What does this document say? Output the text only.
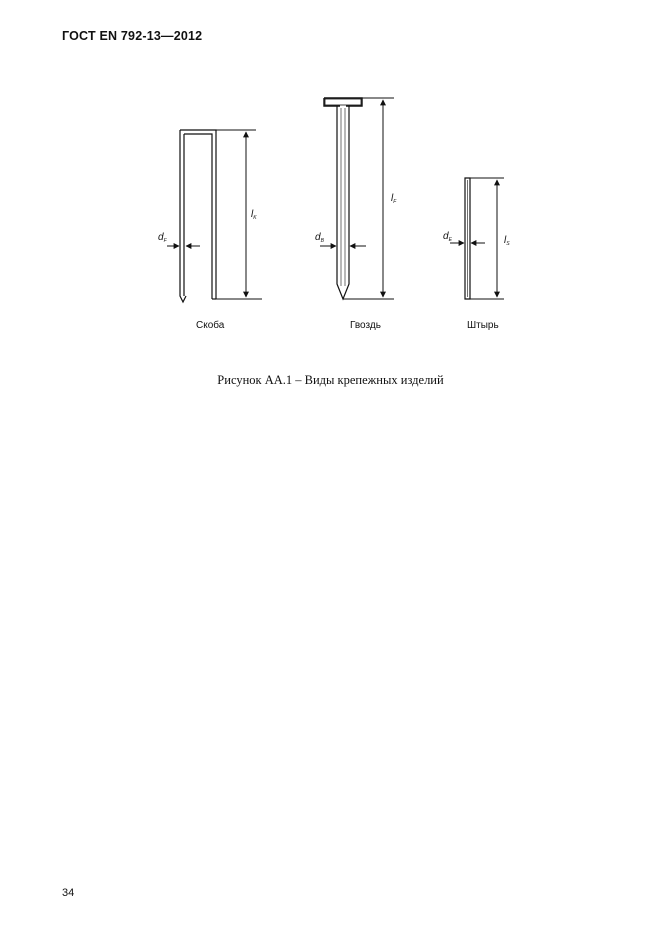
ГОСТ EN 792-13—2012
$d_F$
$l_K$
$d_B$
$l_F$
$d_E$	$l_S$
Скоба	Гвоздь	Штырь
Рисунок АА.1 – Виды крепежных изделий
34
